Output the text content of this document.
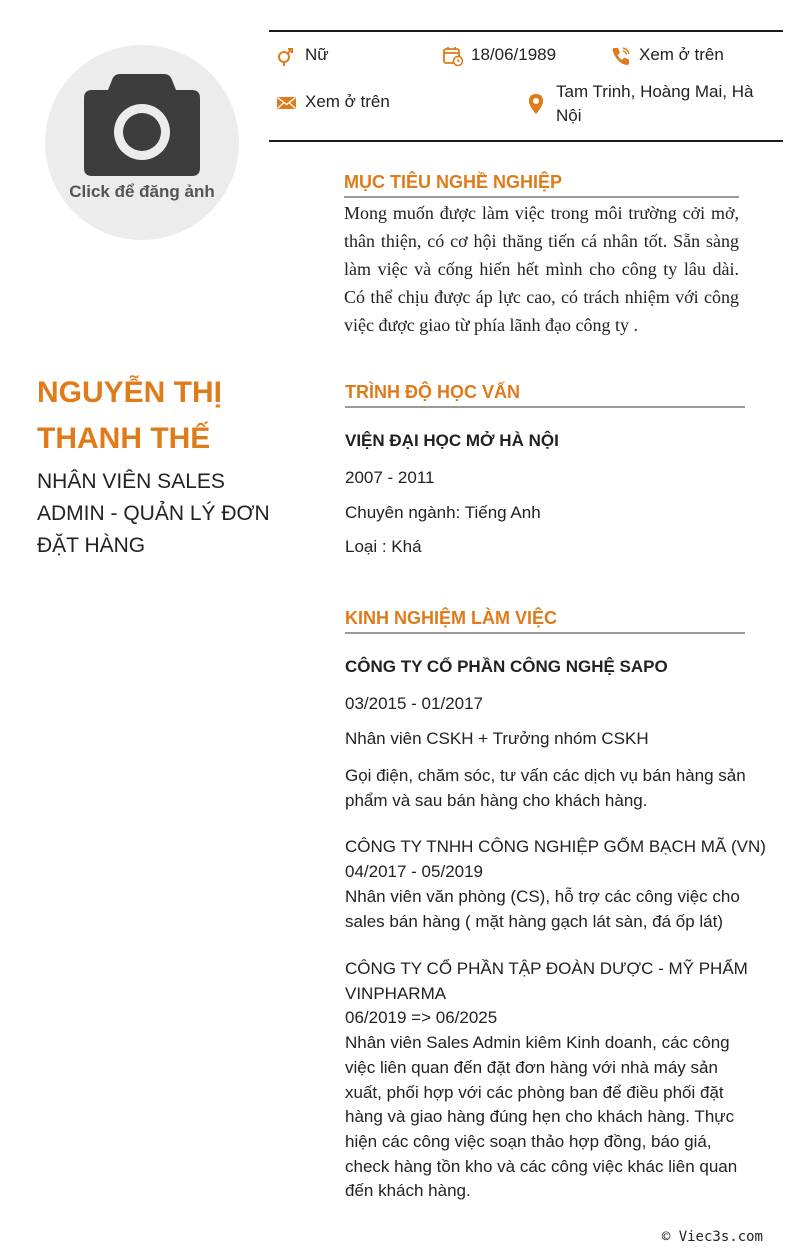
Click để đăng ảnh
Nữ	18/06/1989	Xem ở trên
Xem ở trên
Tam Trinh, Hoàng Mai, Hà
Nội
NGUYỄN THỊ
THANH THẾ
NHÂN VIÊN SALES
ADMIN - QUẢN LÝ ĐƠN
ĐẶT HÀNG
MỤC TIÊU NGHỀ NGHIỆP
Mong muốn được làm việc trong môi trường cởi mở, thân thiện, có cơ hội thăng tiến cá nhân tốt. Sẵn sàng làm việc và cống hiến hết mình cho công ty lâu dài. Có thể chịu được áp lực cao, có trách nhiệm với công việc được giao từ phía lãnh đạo công ty .
TRÌNH ĐỘ HỌC VẤN
VIỆN ĐẠI HỌC MỞ HÀ NỘI
2007 - 2011
Chuyên ngành: Tiếng Anh
Loại : Khá
KINH NGHIỆM LÀM VIỆC
CÔNG TY CỔ PHẦN CÔNG NGHỆ SAPO
03/2015 - 01/2017
Nhân viên CSKH + Trưởng nhóm CSKH
Gọi điện, chăm sóc, tư vấn các dịch vụ bán hàng sản
phẩm và sau bán hàng cho khách hàng.
CÔNG TY TNHH CÔNG NGHIỆP GỐM BẠCH MÃ (VN)
04/2017 - 05/2019
Nhân viên văn phòng (CS), hỗ trợ các công việc cho
sales bán hàng ( mặt hàng gạch lát sàn, đá ốp lát)
CÔNG TY CỔ PHẦN TẬP ĐOÀN DƯỢC - MỸ PHẨM
VINPHARMA
06/2019 => 06/2025
Nhân viên Sales Admin kiêm Kinh doanh, các công
việc liên quan đến đặt đơn hàng với nhà máy sản
xuất, phối hợp với các phòng ban để điều phối đặt
hàng và giao hàng đúng hẹn cho khách hàng. Thực
hiện các công việc soạn thảo hợp đồng, báo giá,
check hàng tồn kho và các công việc khác liên quan
đến khách hàng.
© Viec3s.com
